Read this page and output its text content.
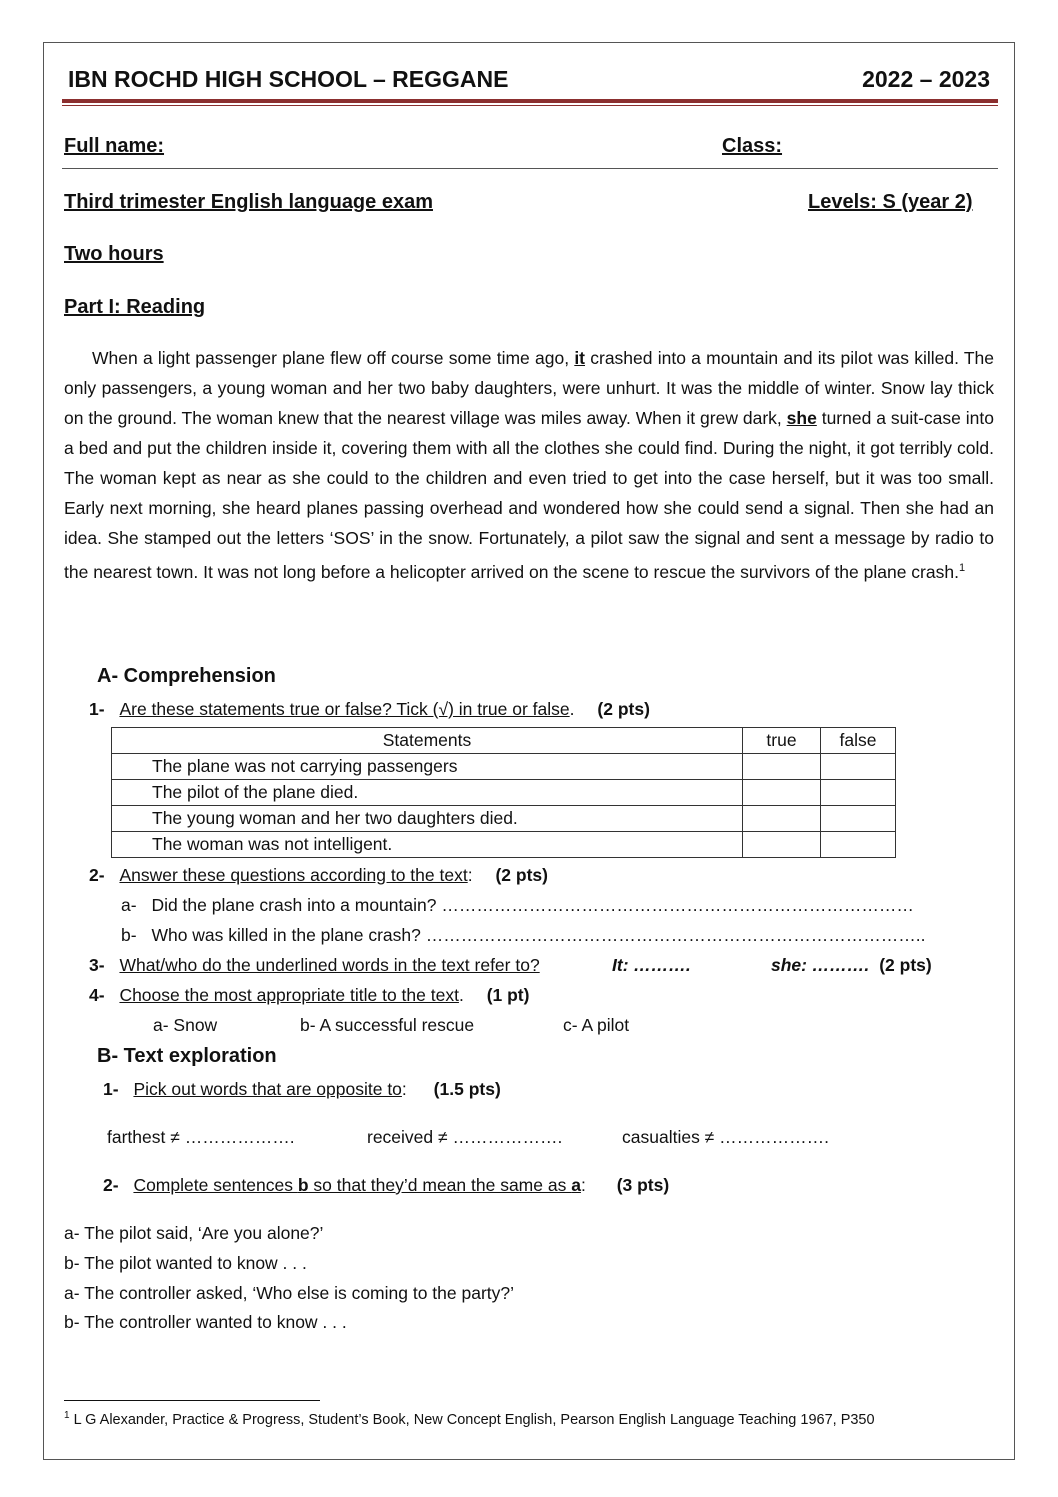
IBN ROCHD HIGH SCHOOL – REGGANE	2022 – 2023
Full name:	Class:
Third trimester English language exam	Levels: S (year 2)
Two hours
Part I: Reading
When a light passenger plane flew off course some time ago, it crashed into a mountain and its pilot was killed. The only passengers, a young woman and her two baby daughters, were unhurt. It was the middle of winter. Snow lay thick on the ground. The woman knew that the nearest village was miles away. When it grew dark, she turned a suit-case into a bed and put the children inside it, covering them with all the clothes she could find. During the night, it got terribly cold. The woman kept as near as she could to the children and even tried to get into the case herself, but it was too small. Early next morning, she heard planes passing overhead and wondered how she could send a signal. Then she had an idea. She stamped out the letters ‘SOS’ in the snow. Fortunately, a pilot saw the signal and sent a message by radio to the nearest town. It was not long before a helicopter arrived on the scene to rescue the survivors of the plane crash.$^1$
A- Comprehension
1- Are these statements true or false? Tick (√) in true or false. (2 pts)
Statements	true	false
The plane was not carrying passengers		
The pilot of the plane died.		
The young woman and her two daughters died.		
The woman was not intelligent.		
2- Answer these questions according to the text: (2 pts)
a- Did the plane crash into a mountain? ………………………………………………………………………
b- Who was killed in the plane crash? …………………………………………………………………………..
3- What/who do the underlined words in the text refer to?	It: ……….	she: ………. (2 pts)
4- Choose the most appropriate title to the text. (1 pt)
a- Snow	b- A successful rescue	c- A pilot
B- Text exploration
1- Pick out words that are opposite to: (1.5 pts)
farthest ≠ ……………….	received ≠ ……………….	casualties ≠ ……………….
2- Complete sentences b so that they’d mean the same as a: (3 pts)
a- The pilot said, ‘Are you alone?’
b- The pilot wanted to know . . .
a- The controller asked, ‘Who else is coming to the party?’
b- The controller wanted to know . . .
$^1$ L G Alexander, Practice & Progress, Student’s Book, New Concept English, Pearson English Language Teaching 1967, P350
